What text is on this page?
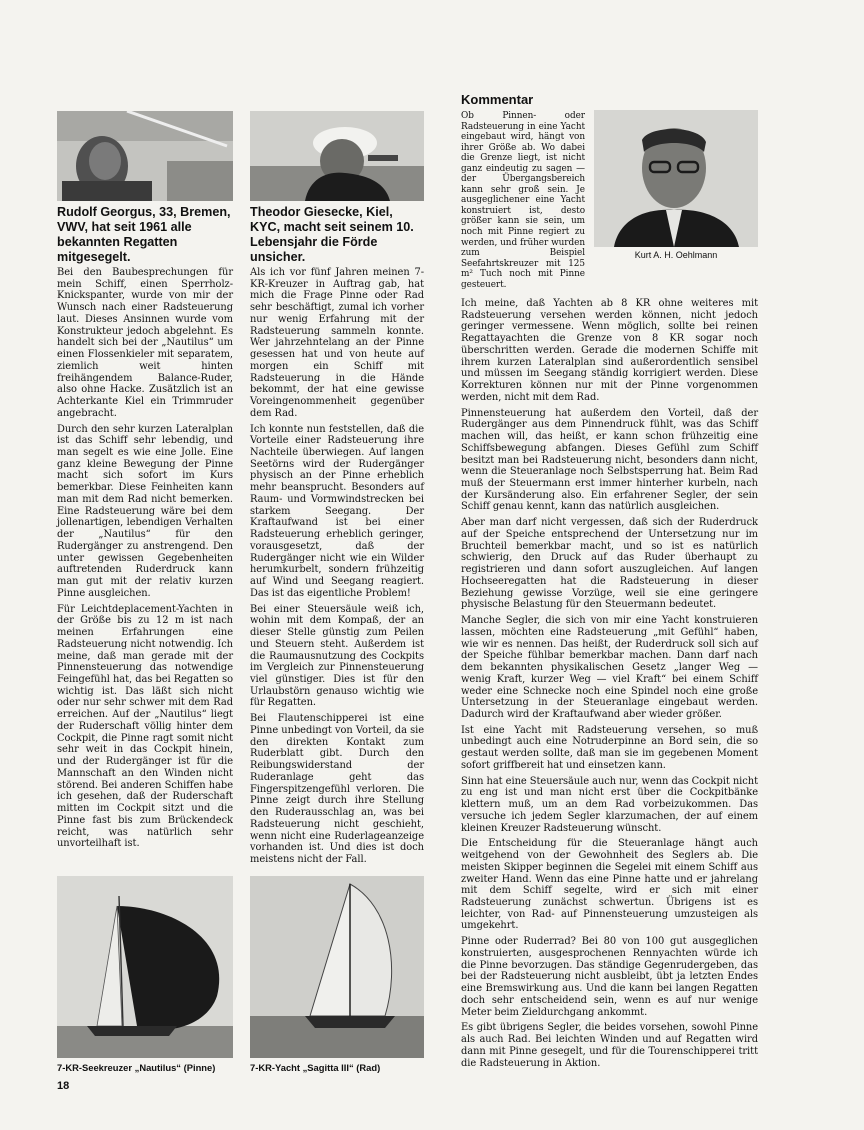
Rudolf Georgus, 33, Bremen, VWV, hat seit 1961 alle bekannten Regatten mitgesegelt.

Bei den Baubesprechungen für mein Schiff, einen Sperrholz-Knickspanter, wurde von mir der Wunsch nach einer Radsteuerung laut. Dieses Ansinnen wurde vom Konstrukteur jedoch abgelehnt. Es handelt sich bei der „Nautilus“ um einen Flossenkieler mit separatem, ziemlich weit hinten freihängendem Balance-Ruder, also ohne Hacke. Zusätzlich ist an Achterkante Kiel ein Trimmruder angebracht.

Durch den sehr kurzen Lateralplan ist das Schiff sehr lebendig, und man segelt es wie eine Jolle. Eine ganz kleine Bewegung der Pinne macht sich sofort im Kurs bemerkbar. Diese Feinheiten kann man mit dem Rad nicht bemerken. Eine Radsteuerung wäre bei dem jollenartigen, lebendigen Verhalten der „Nautilus“ für den Rudergänger zu anstrengend. Den unter gewissen Gegebenheiten auftretenden Ruderdruck kann man gut mit der relativ kurzen Pinne ausgleichen.

Für Leichtdeplacement-Yachten in der Größe bis zu 12 m ist nach meinen Erfahrungen eine Radsteuerung nicht notwendig. Ich meine, daß man gerade mit der Pinnensteuerung das notwendige Feingefühl hat, das bei Regatten so wichtig ist. Das läßt sich nicht oder nur sehr schwer mit dem Rad erreichen. Auf der „Nautilus“ liegt der Ruderschaft völlig hinter dem Cockpit, die Pinne ragt somit nicht sehr weit in das Cockpit hinein, und der Rudergänger ist für die Mannschaft an den Winden nicht störend. Bei anderen Schiffen habe ich gesehen, daß der Ruderschaft mitten im Cockpit sitzt und die Pinne fast bis zum Brückendeck reicht, was natürlich sehr unvorteilhaft ist.

7-KR-Seekreuzer „Nautilus“ (Pinne)
Theodor Giesecke, Kiel, KYC, macht seit seinem 10. Lebensjahr die Förde unsicher.

Als ich vor fünf Jahren meinen 7-KR-Kreuzer in Auftrag gab, hat mich die Frage Pinne oder Rad sehr beschäftigt, zumal ich vorher nur wenig Erfahrung mit der Radsteuerung sammeln konnte. Wer jahrzehntelang an der Pinne gesessen hat und von heute auf morgen ein Schiff mit Radsteuerung in die Hände bekommt, der hat eine gewisse Voreingenommenheit gegenüber dem Rad.

Ich konnte nun feststellen, daß die Vorteile einer Radsteuerung ihre Nachteile überwiegen. Auf langen Seetörns wird der Rudergänger physisch an der Pinne erheblich mehr beansprucht. Besonders auf Raum- und Vormwindstrecken bei starkem Seegang. Der Kraftaufwand ist bei einer Radsteuerung erheblich geringer, vorausgesetzt, daß der Rudergänger nicht wie ein Wilder herumkurbelt, sondern frühzeitig auf Wind und Seegang reagiert. Das ist das eigentliche Problem!

Bei einer Steuersäule weiß ich, wohin mit dem Kompaß, der an dieser Stelle günstig zum Peilen und Steuern steht. Außerdem ist die Raumausnutzung des Cockpits im Vergleich zur Pinnensteuerung viel günstiger. Dies ist für den Urlaubstörn genauso wichtig wie für Regatten.

Bei Flautenschipperei ist eine Pinne unbedingt von Vorteil, da sie den direkten Kontakt zum Ruderblatt gibt. Durch den Reibungswiderstand der Ruderanlage geht das Fingerspitzengefühl verloren. Die Pinne zeigt durch ihre Stellung den Ruderausschlag an, was bei Radsteuerung nicht geschieht, wenn nicht eine Ruderlageanzeige vorhanden ist. Und dies ist doch meistens nicht der Fall.

7-KR-Yacht „Sagitta III“ (Rad)
Kommentar
Kurt A. H. Oehlmann
Ob Pinnen- oder Radsteuerung in eine Yacht eingebaut wird, hängt von ihrer Größe ab. Wo dabei die Grenze liegt, ist nicht ganz eindeutig zu sagen — der Übergangsbereich kann sehr groß sein. Je ausgeglichener eine Yacht konstruiert ist, desto größer kann sie sein, um noch mit Pinne regiert zu werden, und früher wurden zum Beispiel Seefahrtskreuzer mit 125 m² Tuch noch mit Pinne gesteuert.

Ich meine, daß Yachten ab 8 KR ohne weiteres mit Radsteuerung versehen werden können, nicht jedoch geringer vermessene. Wenn möglich, sollte bei reinen Regattayachten die Grenze von 8 KR sogar noch überschritten werden. Gerade die modernen Schiffe mit ihrem kurzen Lateralplan sind außerordentlich sensibel und müssen im Seegang ständig korrigiert werden. Diese Korrekturen können nur mit der Pinne vorgenommen werden, nicht mit dem Rad.

Pinnensteuerung hat außerdem den Vorteil, daß der Rudergänger aus dem Pinnendruck fühlt, was das Schiff machen will, das heißt, er kann schon frühzeitig eine Schiffsbewegung abfangen. Dieses Gefühl zum Schiff besitzt man bei Radsteuerung nicht, besonders dann nicht, wenn die Steueranlage noch Selbstsperrung hat. Beim Rad muß der Steuermann erst immer hinterher kurbeln, nach der Kursänderung also. Ein erfahrener Segler, der sein Schiff genau kennt, kann das natürlich ausgleichen.

Aber man darf nicht vergessen, daß sich der Ruderdruck auf der Speiche entsprechend der Untersetzung nur im Bruchteil bemerkbar macht, und so ist es natürlich schwierig, den Druck auf das Ruder überhaupt zu registrieren und dann sofort auszugleichen. Auf langen Hochseeregatten hat die Radsteuerung in dieser Beziehung gewisse Vorzüge, weil sie eine geringere physische Belastung für den Steuermann bedeutet.

Manche Segler, die sich von mir eine Yacht konstruieren lassen, möchten eine Radsteuerung „mit Gefühl“ haben, wie wir es nennen. Das heißt, der Ruderdruck soll sich auf der Speiche fühlbar bemerkbar machen. Dann darf nach dem bekannten physikalischen Gesetz „langer Weg — wenig Kraft, kurzer Weg — viel Kraft“ bei einem Schiff weder eine Schnecke noch eine Spindel noch eine große Untersetzung in der Steueranlage eingebaut werden. Dadurch wird der Kraftaufwand aber wieder größer.

Ist eine Yacht mit Radsteuerung versehen, so muß unbedingt auch eine Notruderpinne an Bord sein, die so gestaut werden sollte, daß man sie im gegebenen Moment sofort griffbereit hat und einsetzen kann.

Sinn hat eine Steuersäule auch nur, wenn das Cockpit nicht zu eng ist und man nicht erst über die Cockpitbänke klettern muß, um an dem Rad vorbeizukommen. Das versuche ich jedem Segler klarzumachen, der auf einem kleinen Kreuzer Radsteuerung wünscht.

Die Entscheidung für die Steueranlage hängt auch weitgehend von der Gewohnheit des Seglers ab. Die meisten Skipper beginnen die Segelei mit einem Schiff aus zweiter Hand. Wenn das eine Pinne hatte und er jahrelang mit dem Schiff segelte, wird er sich mit einer Radsteuerung zunächst schwertun. Übrigens ist es leichter, von Rad- auf Pinnensteuerung umzusteigen als umgekehrt.

Pinne oder Ruderrad? Bei 80 von 100 gut ausgeglichen konstruierten, ausgesprochenen Rennyachten würde ich die Pinne bevorzugen. Das ständige Gegenrudergeben, das bei der Radsteuerung nicht ausbleibt, übt ja letzten Endes eine Bremswirkung aus. Und die kann bei langen Regatten doch sehr entscheidend sein, wenn es auf nur wenige Meter beim Zieldurchgang ankommt.

Es gibt übrigens Segler, die beides vorsehen, sowohl Pinne als auch Rad. Bei leichten Winden und auf Regatten wird dann mit Pinne gesegelt, und für die Tourenschipperei tritt die Radsteuerung in Aktion.

18
